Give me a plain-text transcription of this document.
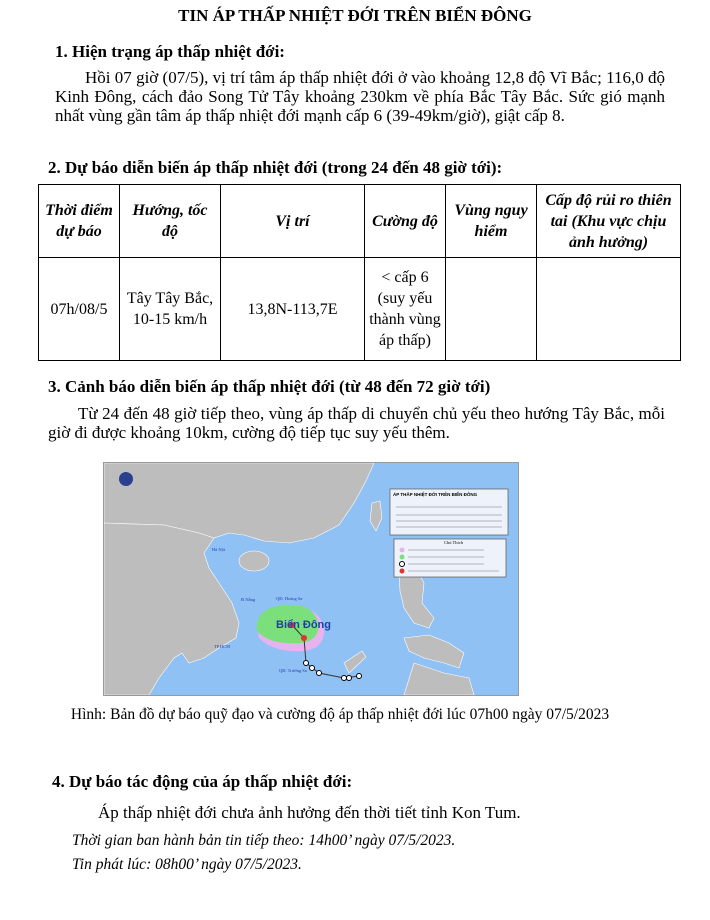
TIN ÁP THẤP NHIỆT ĐỚI TRÊN BIỂN ĐÔNG
1. Hiện trạng áp thấp nhiệt đới:
Hồi 07 giờ (07/5), vị trí tâm áp thấp nhiệt đới ở vào khoảng 12,8 độ Vĩ Bắc; 116,0 độ Kinh Đông, cách đảo Song Tử Tây khoảng 230km về phía Bắc Tây Bắc. Sức gió mạnh nhất vùng gần tâm áp thấp nhiệt đới mạnh cấp 6 (39-49km/giờ), giật cấp 8.
2. Dự báo diễn biến áp thấp nhiệt đới (trong 24 đến 48 giờ tới):
Thời điểm dự báo	Hướng, tốc độ	Vị trí	Cường độ	Vùng nguy hiểm	Cấp độ rủi ro thiên tai (Khu vực chịu ảnh hưởng)
07h/08/5	Tây Tây Bắc, 10-15 km/h	13,8N-113,7E	< cấp 6 (suy yếu thành vùng áp thấp)		
3. Cảnh báo diễn biến áp thấp nhiệt đới (từ 48 đến 72 giờ tới)
Từ 24 đến 48 giờ tiếp theo, vùng áp thấp di chuyển chủ yếu theo hướng Tây Bắc, mỗi giờ đi được khoảng 10km, cường độ tiếp tục suy yếu thêm.
ÁP THẤP NHIỆT ĐỚI TRÊN BIỂN ĐÔNG
Chú Thích
Biển Đông
Hà Nội
Đ.Nẵng
TP.HCM
QĐ. Hoàng Sa
QĐ. Trường Sa
Hình: Bản đồ dự báo quỹ đạo và cường độ áp thấp nhiệt đới lúc 07h00 ngày 07/5/2023
4. Dự báo tác động của áp thấp nhiệt đới:
Áp thấp nhiệt đới chưa ảnh hưởng đến thời tiết tỉnh Kon Tum.
Thời gian ban hành bản tin tiếp theo: 14h00’ ngày 07/5/2023.
Tin phát lúc: 08h00’ ngày 07/5/2023.
